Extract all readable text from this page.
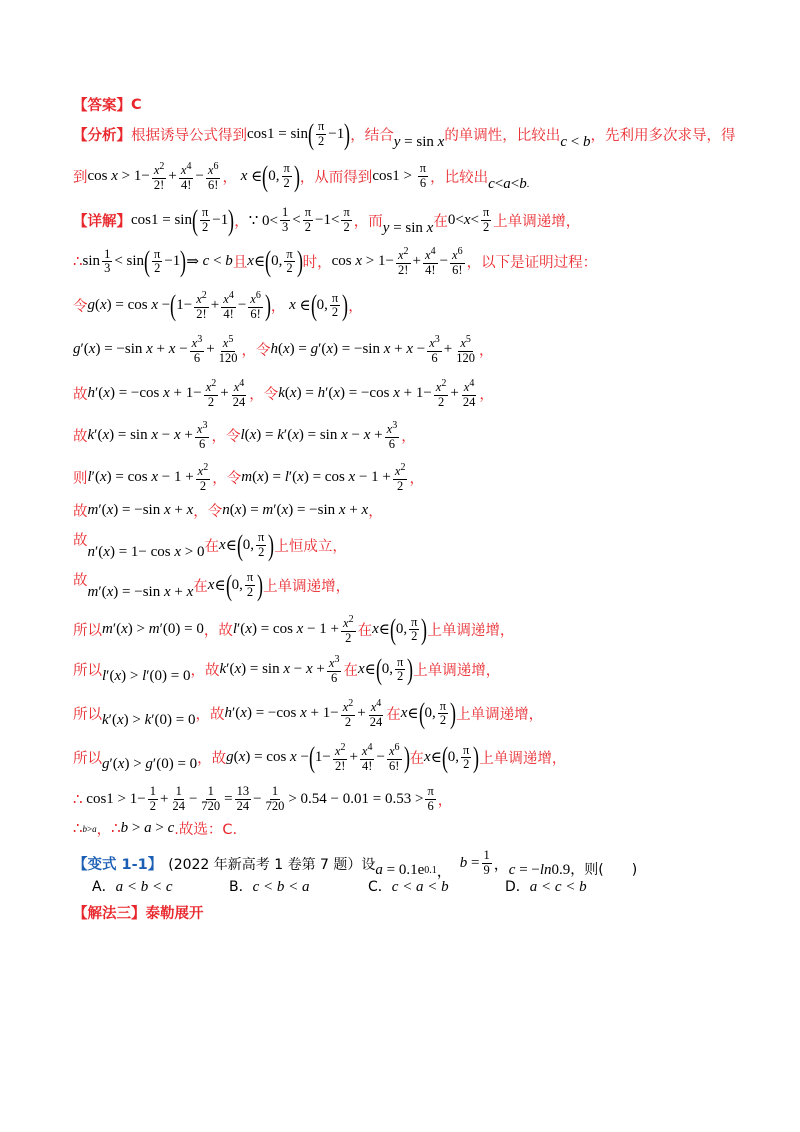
【答案】 C
【分析】 根据诱导公式得到 cos1 = sin ( $\frac{\pi}{2} -1$ ) ，结合 y = sin x 的单调性，比较出 c < b ，先利用多次求导，得
到 $\cos x > 1- \frac{x^2}{2!} + \frac{x^4}{4!} - \frac{x^6}{6!}$ ，
x ∈ ( 0, $\frac{\pi}{2}$ ) ，从而得到 $\cos 1 > \frac{\pi}{6}$ ，比较出 c < a < b .
【详解】 cos1 = sin ( $\frac{\pi}{2} -1$ ) ， ∵ $0< \frac{1}{3} < \frac{\pi}{2} -1< \frac{\pi}{2}$ ，而 y = sin x 在 $0< x < \frac{\pi}{2}$ 上单调递增，
∴ $\sin \frac{1}{3} < \sin$ ( $\frac{\pi}{2} -1$ ) ⇒ c < b 且 x ∈ ( 0, $\frac{\pi}{2}$ ) 时， $\cos x > 1- \frac{x^2}{2!} + \frac{x^4}{4!} - \frac{x^6}{6!}$ ，以下是证明过程：
令 g ( x ) = cos x − ( $1- \frac{x^2}{2!} + \frac{x^4}{4!} - \frac{x^6}{6!}$ ) ，
x ∈ ( 0, $\frac{\pi}{2}$ ) ，
g ′( x ) = −sin $x + x - \frac{x^3}{6} + \frac{x^5}{120}$ ， 令 h ( x ) = g ′( x ) = −sin $x + x - \frac{x^3}{6} + \frac{x^5}{120}$ ，
故 h ′( x ) = −cos $x + 1- \frac{x^2}{2} + \frac{x^4}{24}$ ， 令 k ( x ) = h ′( x ) = −cos $x + 1- \frac{x^2}{2} + \frac{x^4}{24}$ ，
故 k ′( x ) = $\sin x - x + \frac{x^3}{6}$ ， 令 l ( x ) = k ′( x ) = $\sin x - x + \frac{x^3}{6}$ ，
则 l ′( x ) = $\cos x - 1 + \frac{x^2}{2}$ ， 令 m ( x ) = l ′( x ) = $\cos x - 1 + \frac{x^2}{2}$ ，
故 m ′( x ) = −sin x + x ， 令 n ( x ) = m ′( x ) = −sin x + x ，
故
n ′( x ) = 1− cos x > 0 在 x ∈ ( 0, $\frac{\pi}{2}$ ) 上恒成立，
故
m ′( x ) = −sin x + x 在 x ∈ ( 0, $\frac{\pi}{2}$ ) 上单调递增，
所以 m ′( x ) > m ′(0) = 0 ， 故 l ′( x ) = $\cos x - 1 + \frac{x^2}{2}$ 在 x ∈ ( 0, $\frac{\pi}{2}$ ) 上单调递增，
所以 l ′( x ) > l ′(0) = 0 ， 故 k ′( x ) = $\sin x - x + \frac{x^3}{6}$ 在 x ∈ ( 0, $\frac{\pi}{2}$ ) 上单调递增，
所以 k ′( x ) > k ′(0) = 0 ， 故 h ′( x ) = −cos $x + 1- \frac{x^2}{2} + \frac{x^4}{24}$ 在 x ∈ ( 0, $\frac{\pi}{2}$ ) 上单调递增，
所以 g ′( x ) > g ′(0) = 0 ， 故 g ( x ) = cos x − ( $1- \frac{x^2}{2!} + \frac{x^4}{4!} - \frac{x^6}{6!}$ ) 在 x ∈ ( 0, $\frac{\pi}{2}$ ) 上单调递增，
∴ $\cos 1 > 1- \frac{1}{2} + \frac{1}{24} - \frac{1}{720} = \frac{13}{24} - \frac{1}{720} > 0.54 - 0.01 = 0.53 > \frac{\pi}{6}$ ，
∴ b > a ， ∴ b > a > c .故选：C.
【变式 1-1】 (2022 年新高考 1 卷第 7 题）设 a = 0.1e 0.1 ，
$b = \frac{1}{9}$ ， c = − ln 0.9 ，则(　　)
A．a < b < c	B．c < b < a	C．c < a < b	D．a < c < b
【解法三】 泰勒展开
